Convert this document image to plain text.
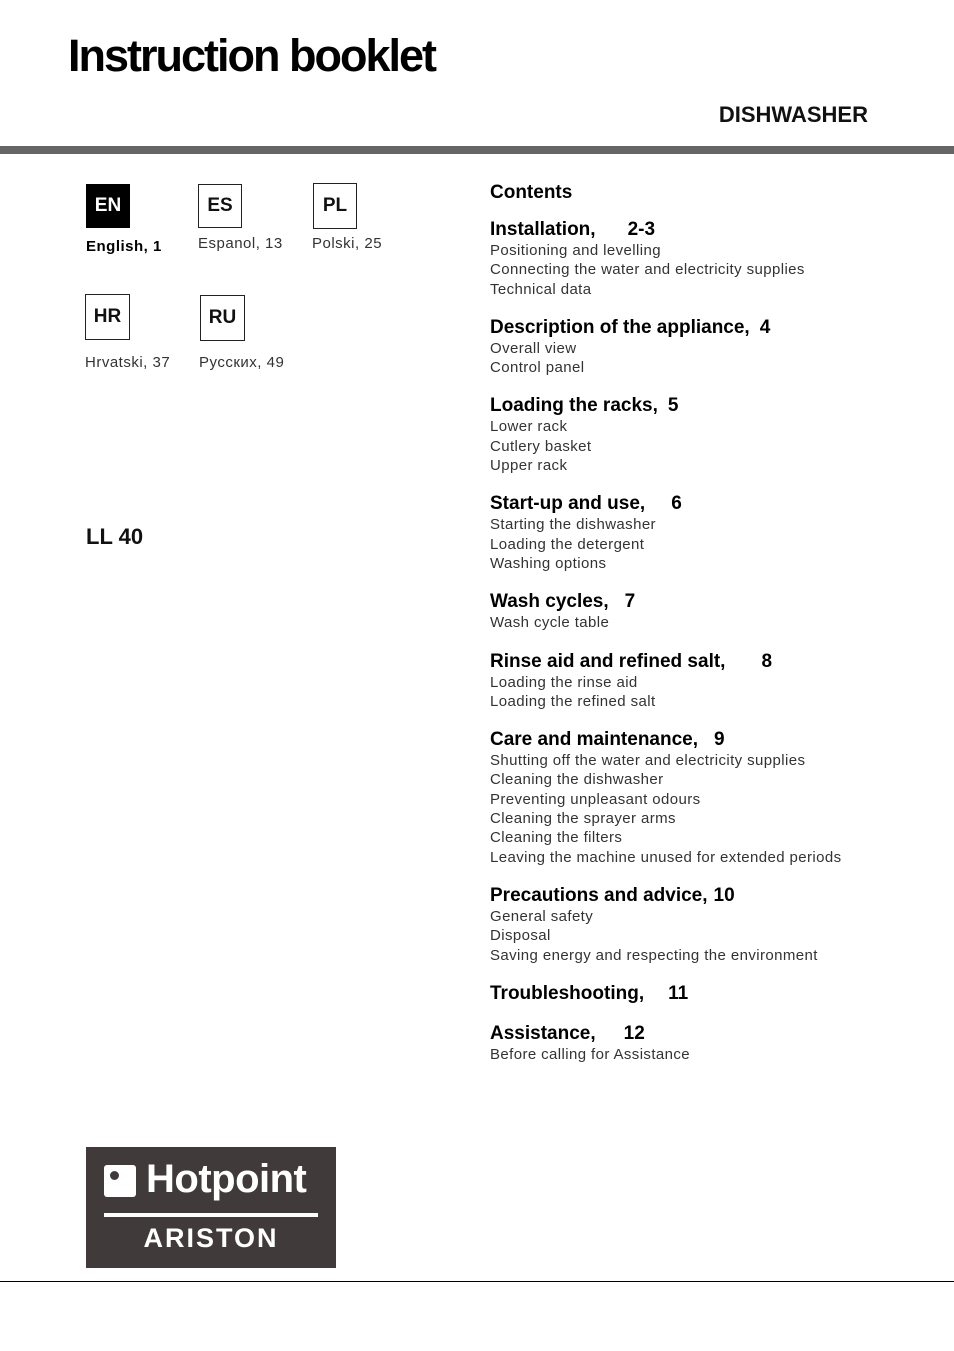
Instruction booklet
DISHWASHER
EN
English, 1
ES
Espanol, 13
PL
Polski, 25
HR
Hrvatski, 37
RU
Русских, 49
LL 40
Contents
Installation, 2-3
Positioning and levelling
Connecting the water and electricity supplies
Technical data
Description of the appliance, 4
Overall view
Control panel
Loading the racks, 5
Lower rack
Cutlery basket
Upper rack
Start-up and use, 6
Starting the dishwasher
Loading the detergent
Washing options
Wash cycles, 7
Wash cycle table
Rinse aid and refined salt, 8
Loading the rinse aid
Loading the refined salt
Care and maintenance, 9
Shutting off the water and electricity supplies
Cleaning the dishwasher
Preventing unpleasant odours
Cleaning the sprayer arms
Cleaning the filters
Leaving the machine unused for extended periods
Precautions and advice, 10
General safety
Disposal
Saving energy and respecting the environment
Troubleshooting, 11
Assistance, 12
Before calling for Assistance
Hotpoint
ARISTON
